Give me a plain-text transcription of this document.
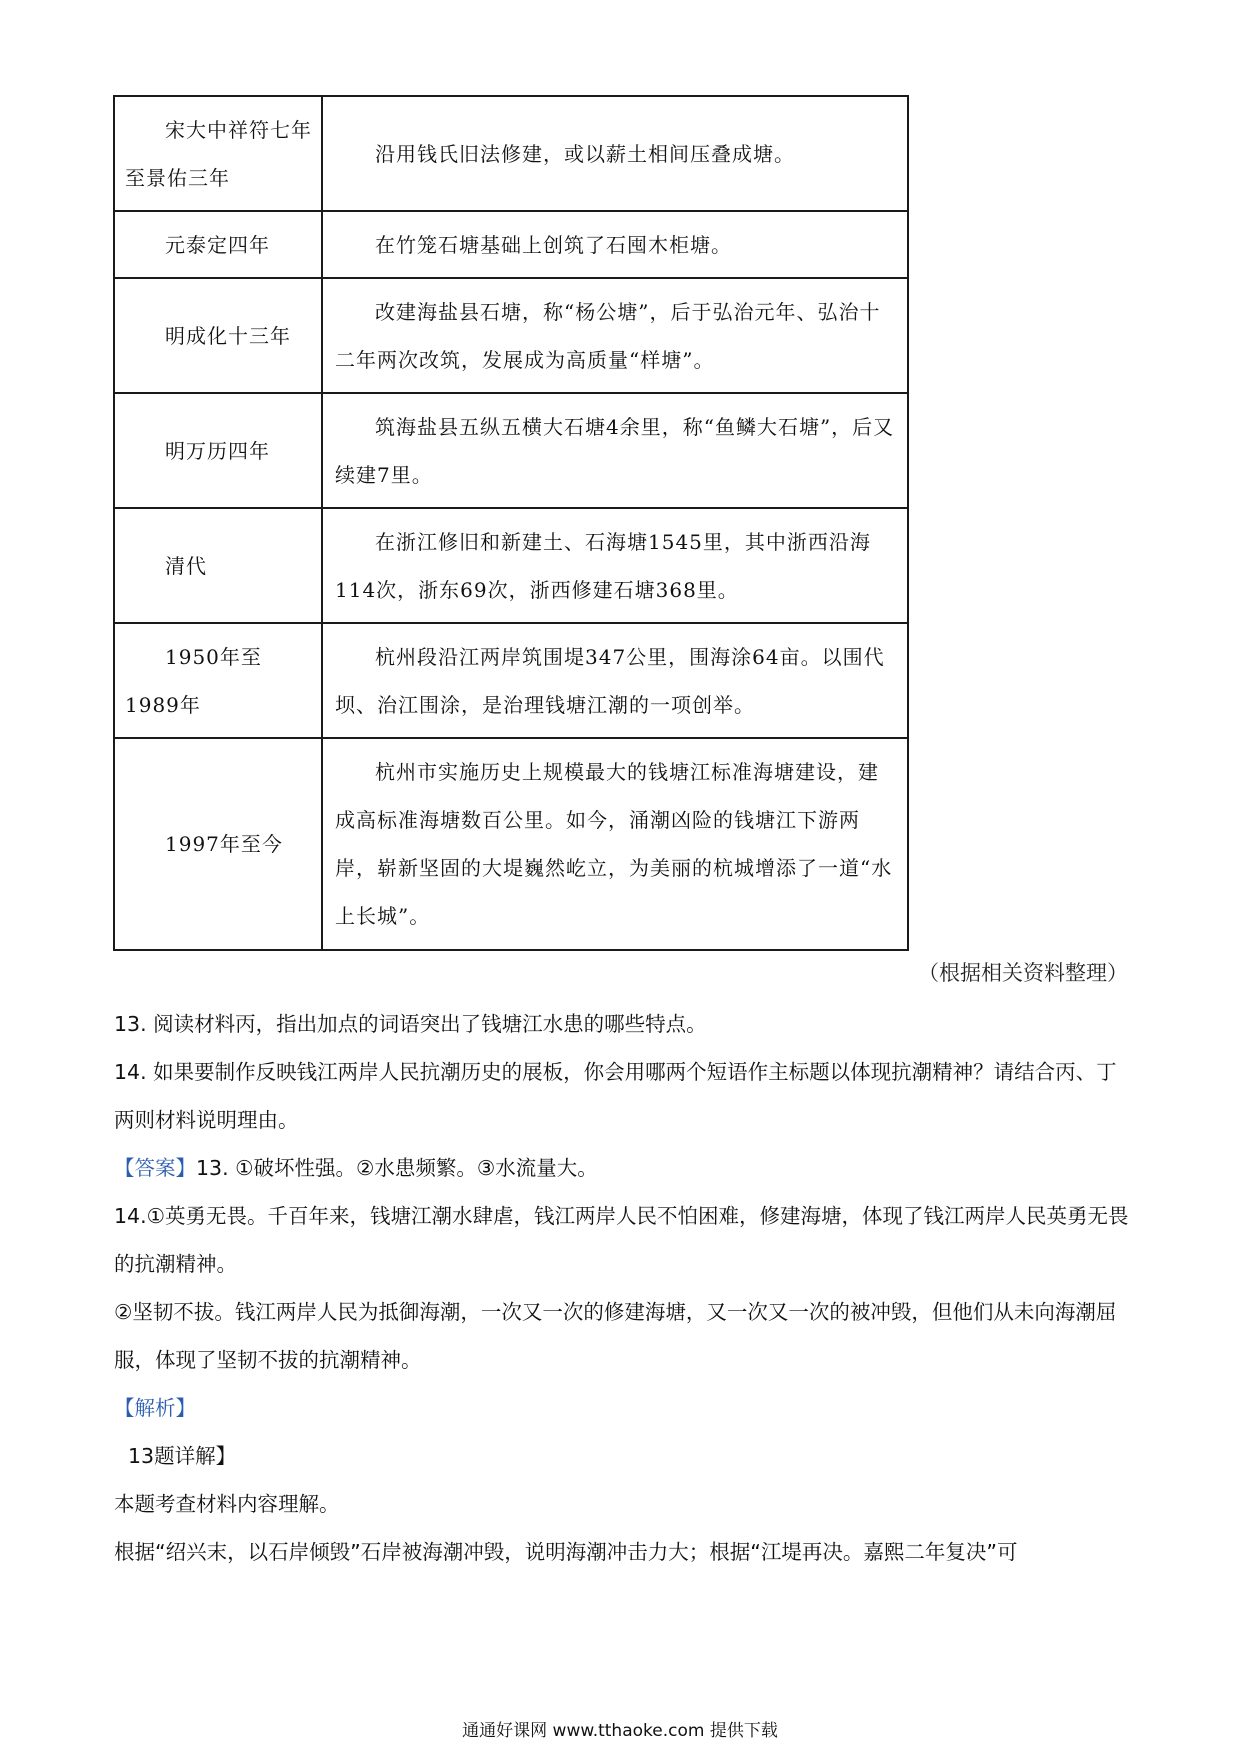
宋大中祥符七年至景佑三年	沿用钱氏旧法修建，或以薪土相间压叠成塘。
元泰定四年	在竹笼石塘基础上创筑了石囤木柜塘。
明成化十三年	改建海盐县石塘，称“杨公塘”，后于弘治元年、弘治十二年两次改筑，发展成为高质量“样塘”。
明万历四年	筑海盐县五纵五横大石塘4余里，称“鱼鳞大石塘”，后又续建7里。
清代	在浙江修旧和新建土、石海塘1545里，其中浙西沿海114次，浙东69次，浙西修建石塘368里。
1950年至1989年	杭州段沿江两岸筑围堤347公里，围海涂64亩。以围代坝、治江围涂，是治理钱塘江潮的一项创举。
1997年至今	杭州市实施历史上规模最大的钱塘江标准海塘建设，建成高标准海塘数百公里。如今，涌潮凶险的钱塘江下游两岸，崭新坚固的大堤巍然屹立，为美丽的杭城增添了一道“水上长城”。
（根据相关资料整理）

13. 阅读材料丙，指出加点的词语突出了钱塘江水患的哪些特点。

14. 如果要制作反映钱江两岸人民抗潮历史的展板，你会用哪两个短语作主标题以体现抗潮精神？请结合丙、丁两则材料说明理由。

【答案】13. ①破坏性强。②水患频繁。③水流量大。

14.①英勇无畏。千百年来，钱塘江潮水肆虐，钱江两岸人民不怕困难，修建海塘，体现了钱江两岸人民英勇无畏的抗潮精神。

②坚韧不拔。钱江两岸人民为抵御海潮，一次又一次的修建海塘，又一次又一次的被冲毁，但他们从未向海潮屈服，体现了坚韧不拔的抗潮精神。

【解析】

13题详解】

本题考查材料内容理解。

根据“绍兴末，以石岸倾毁”石岸被海潮冲毁，说明海潮冲击力大；根据“江堤再决。嘉熙二年复决”可

通通好课网 www.tthaoke.com 提供下载
